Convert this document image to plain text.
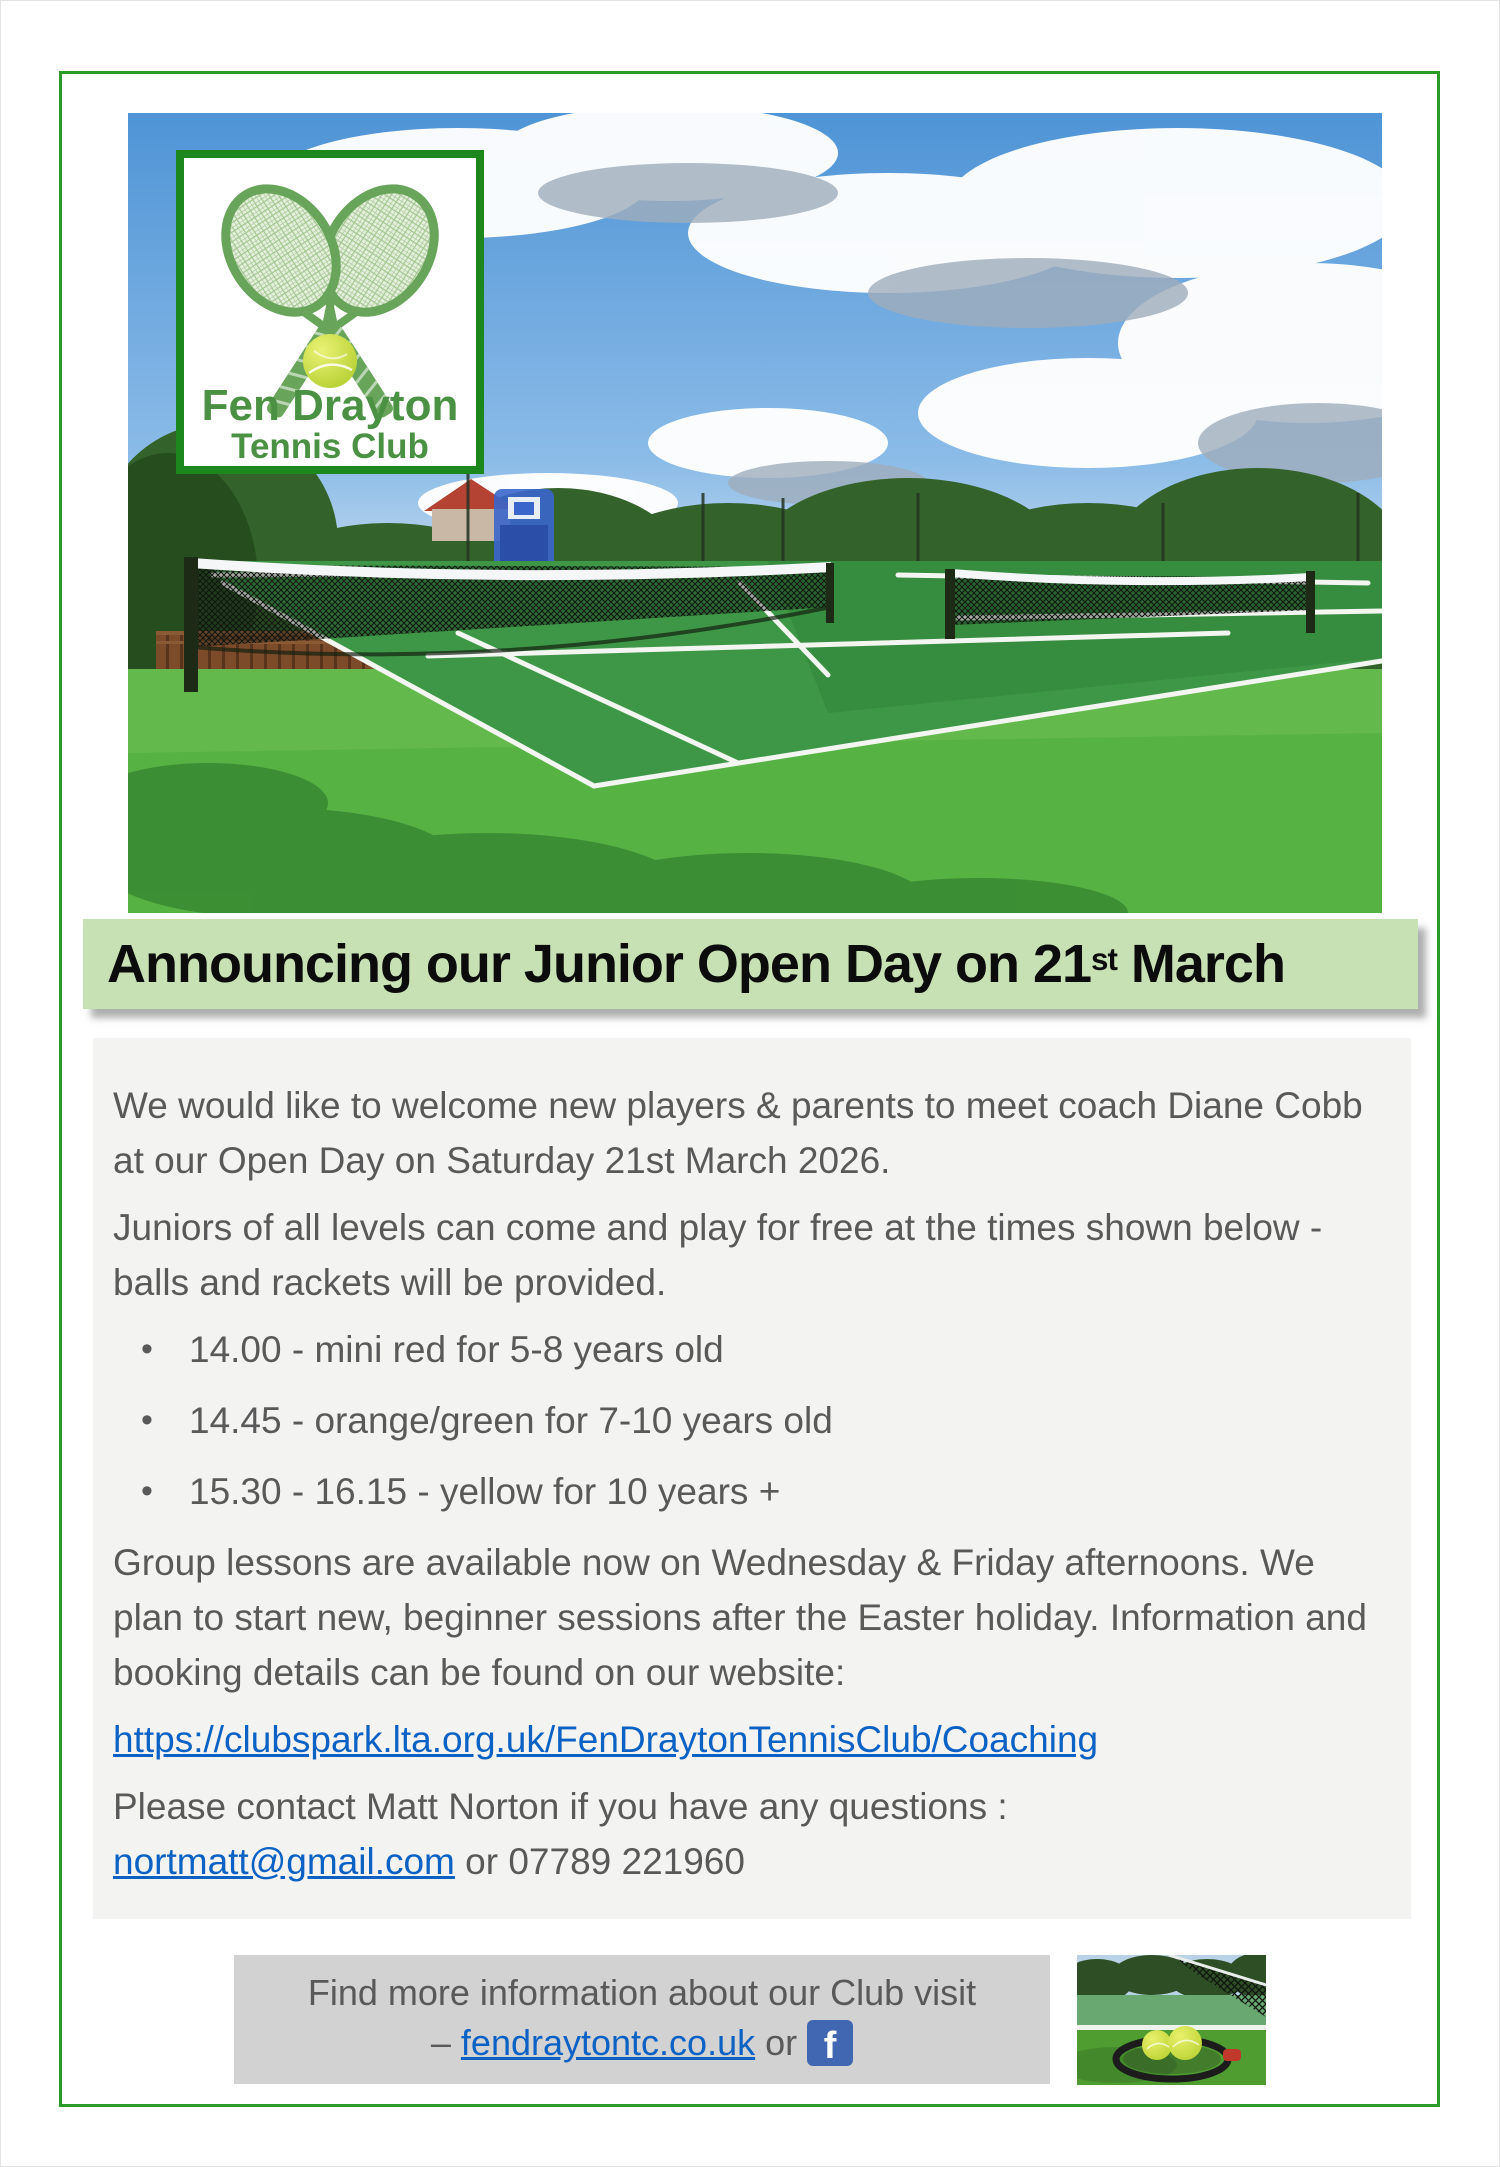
Fen Drayton
Tennis Club
Announcing our Junior Open Day on 21st March

We would like to welcome new players & parents to meet coach Diane Cobb at our Open Day on Saturday 21st March 2026.

Juniors of all levels can come and play for free at the times shown below - balls and rackets will be provided.

• 14.00 - mini red for 5-8 years old
• 14.45 - orange/green for 7-10 years old
• 15.30 - 16.15 - yellow for 10 years +

Group lessons are available now on Wednesday & Friday afternoons. We plan to start new, beginner sessions after the Easter holiday. Information and booking details can be found on our website:

https://clubspark.lta.org.uk/FenDraytonTennisClub/Coaching

Please contact Matt Norton if you have any questions :
nortmatt@gmail.com or 07789 221960

Find more information about our Club visit
– fendraytontc.co.uk or f
